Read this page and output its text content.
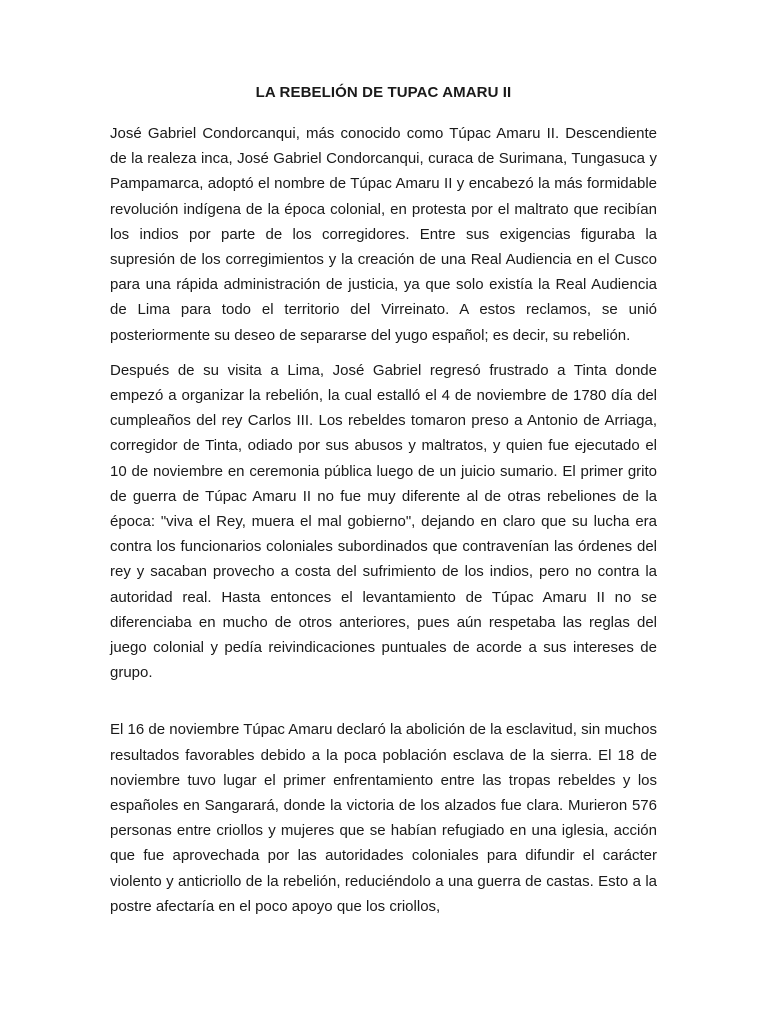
LA REBELIÓN DE TUPAC AMARU II

José Gabriel Condorcanqui, más conocido como Túpac Amaru II. Descendiente de la realeza inca, José Gabriel Condorcanqui, curaca de Surimana, Tungasuca y Pampamarca, adoptó el nombre de Túpac Amaru II y encabezó la más formidable revolución indígena de la época colonial, en protesta por el maltrato que recibían los indios por parte de los corregidores. Entre sus exigencias figuraba la supresión de los corregimientos y la creación de una Real Audiencia en el Cusco para una rápida administración de justicia, ya que solo existía la Real Audiencia de Lima para todo el territorio del Virreinato. A estos reclamos, se unió posteriormente su deseo de separarse del yugo español; es decir, su rebelión.

Después de su visita a Lima, José Gabriel regresó frustrado a Tinta donde empezó a organizar la rebelión, la cual estalló el 4 de noviembre de 1780 día del cumpleaños del rey Carlos III. Los rebeldes tomaron preso a Antonio de Arriaga, corregidor de Tinta, odiado por sus abusos y maltratos, y quien fue ejecutado el 10 de noviembre en ceremonia pública luego de un juicio sumario. El primer grito de guerra de Túpac Amaru II no fue muy diferente al de otras rebeliones de la época: "viva el Rey, muera el mal gobierno", dejando en claro que su lucha era contra los funcionarios coloniales subordinados que contravenían las órdenes del rey y sacaban provecho a costa del sufrimiento de los indios, pero no contra la autoridad real. Hasta entonces el levantamiento de Túpac Amaru II no se diferenciaba en mucho de otros anteriores, pues aún respetaba las reglas del juego colonial y pedía reivindicaciones puntuales de acorde a sus intereses de grupo.

El 16 de noviembre Túpac Amaru declaró la abolición de la esclavitud, sin muchos resultados favorables debido a la poca población esclava de la sierra. El 18 de noviembre tuvo lugar el primer enfrentamiento entre las tropas rebeldes y los españoles en Sangarará, donde la victoria de los alzados fue clara. Murieron 576 personas entre criollos y mujeres que se habían refugiado en una iglesia, acción que fue aprovechada por las autoridades coloniales para difundir el carácter violento y anticriollo de la rebelión, reduciéndolo a una guerra de castas. Esto a la postre afectaría en el poco apoyo que los criollos,
